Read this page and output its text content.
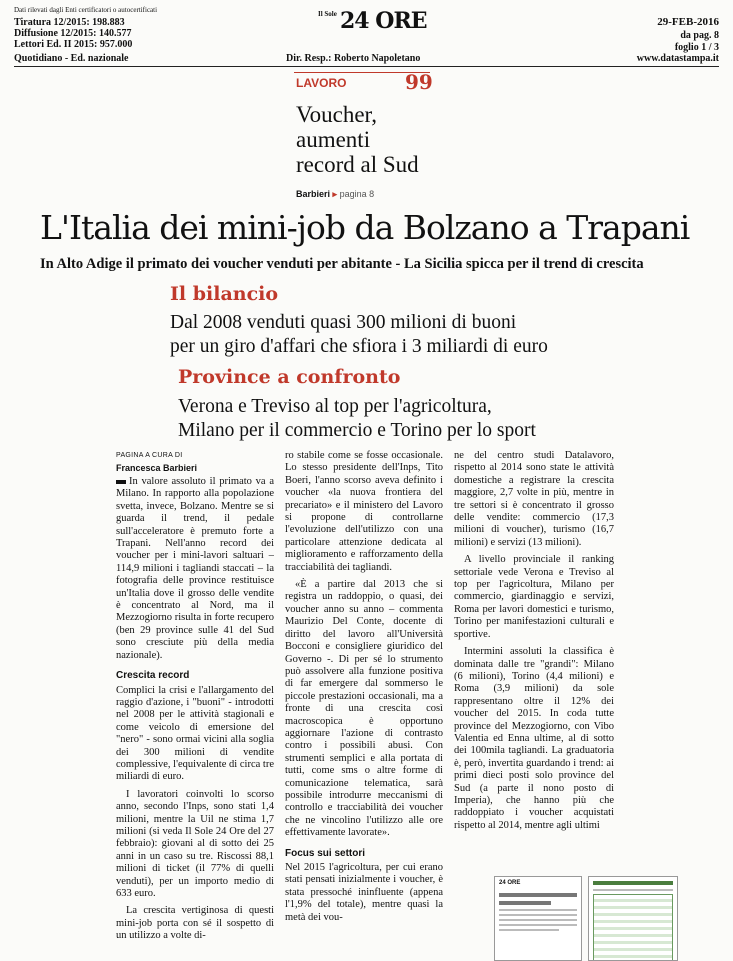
Dati rilevati dagli Enti certificatori o autocertificati
Tiratura 12/2015: 198.883
Diffusione 12/2015: 140.577
Lettori Ed. II 2015: 957.000
Quotidiano - Ed. nazionale
Il Sole 24 ORE
Dir. Resp.: Roberto Napoletano
29-FEB-2016
da pag. 8
foglio 1 / 3
www.datastampa.it
LAVORO	99
Voucher,
aumenti
record al Sud
Barbieri ▸ pagina 8
L'Italia dei mini-job da Bolzano a Trapani
In Alto Adige il primato dei voucher venduti per abitante - La Sicilia spicca per il trend di crescita
Il bilancio
Dal 2008 venduti quasi 300 milioni di buoni
per un giro d'affari che sfiora i 3 miliardi di euro
Province a confronto
Verona e Treviso al top per l'agricoltura,
Milano per il commercio e Torino per lo sport
PAGINA A CURA DI
Francesca Barbieri

In valore assoluto il primato va a Milano. In rapporto alla popolazione svetta, invece, Bolzano. Mentre se si guarda il trend, il pedale sull'acceleratore è premuto forte a Trapani. Nell'anno record dei voucher per i mini-lavori saltuari – 114,9 milioni i tagliandi staccati – la fotografia delle province restituisce un'Italia dove il grosso delle vendite è concentrato al Nord, ma il Mezzogiorno risulta in forte recupero (ben 29 province sulle 41 del Sud sono cresciute più della media nazionale).

Crescita record

Complici la crisi e l'allargamento del raggio d'azione, i "buoni" - introdotti nel 2008 per le attività stagionali e come veicolo di emersione del "nero" - sono ormai vicini alla soglia dei 300 milioni di vendite complessive, l'equivalente di circa tre miliardi di euro.

I lavoratori coinvolti lo scorso anno, secondo l'Inps, sono stati 1,4 milioni, mentre la Uil ne stima 1,7 milioni (si veda Il Sole 24 Ore del 27 febbraio): giovani al di sotto dei 25 anni in un caso su tre. Riscossi 88,1 milioni di ticket (il 77% di quelli venduti), per un importo medio di 633 euro.

La crescita vertiginosa di questi mini-job porta con sé il sospetto di un utilizzo a volte di-

ro stabile come se fosse occasionale. Lo stesso presidente dell'Inps, Tito Boeri, l'anno scorso aveva definito i voucher «la nuova frontiera del precariato» e il ministero del Lavoro si propone di controllarne l'evoluzione dell'utilizzo con una particolare attenzione dedicata al miglioramento e rafforzamento della tracciabilità dei tagliandi.

«È a partire dal 2013 che si registra un raddoppio, o quasi, dei voucher anno su anno – commenta Maurizio Del Conte, docente di diritto del lavoro all'Università Bocconi e consigliere giuridico del Governo -. Di per sé lo strumento può assolvere alla funzione positiva di far emergere dal sommerso le piccole prestazioni occasionali, ma a fronte di una crescita così macroscopica è opportuno aggiornare l'azione di contrasto contro i possibili abusi. Con strumenti semplici e alla portata di tutti, come sms o altre forme di comunicazione telematica, sarà possibile introdurre meccanismi di controllo e tracciabilità dei voucher che ne vincolino l'utilizzo alle ore effettivamente lavorate».

Focus sui settori

Nel 2015 l'agricoltura, per cui erano stati pensati inizialmente i voucher, è stata pressoché ininfluente (appena l'1,9% del totale), mentre quasi la metà dei vou-

ne del centro studi Datalavoro, rispetto al 2014 sono state le attività domestiche a registrare la crescita maggiore, 2,7 volte in più, mentre in tre settori si è concentrato il grosso delle vendite: commercio (17,3 milioni di voucher), turismo (16,7 milioni) e servizi (13 milioni).

A livello provinciale il ranking settoriale vede Verona e Treviso al top per l'agricoltura, Milano per commercio, giardinaggio e servizi, Roma per lavori domestici e turismo, Torino per manifestazioni culturali e sportive.

Intermini assoluti la classifica è dominata dalle tre "grandi": Milano (6 milioni), Torino (4,4 milioni) e Roma (3,9 milioni) da sole rappresentano oltre il 12% dei voucher del 2015. In coda tutte province del Mezzogiorno, con Vibo Valentia ed Enna ultime, al di sotto dei 100mila tagliandi. La graduatoria è, però, invertita guardando i trend: ai primi dieci posti solo province del Sud (a parte il nono posto di Imperia), che hanno più che raddoppiato i voucher acquistati rispetto al 2014, mentre agli ultimi

24 ORE
